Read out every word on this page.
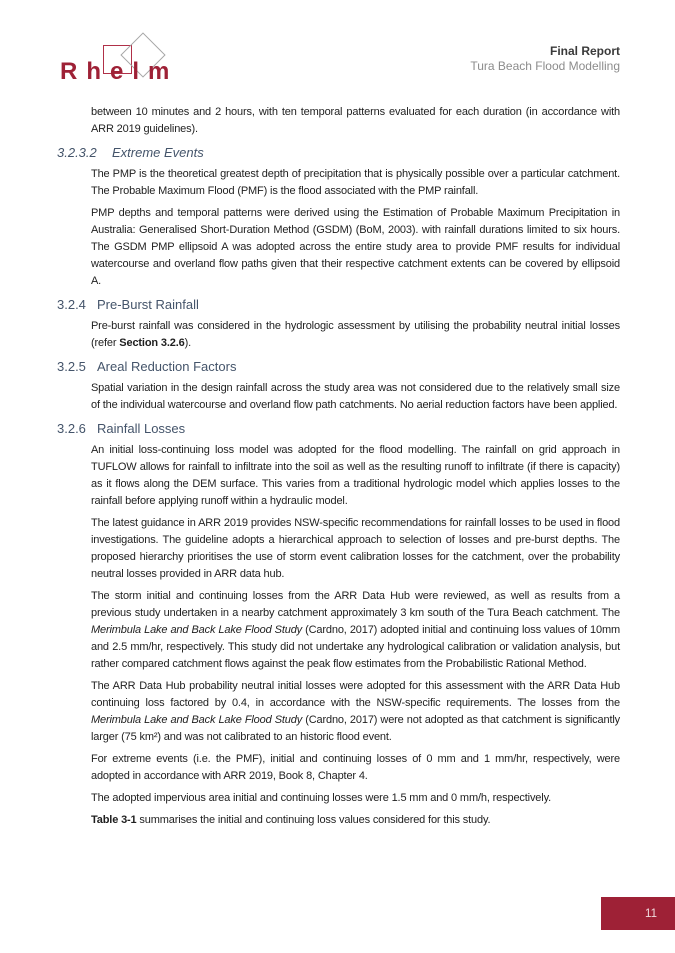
Rhelm
Final Report
Tura Beach Flood Modelling

between 10 minutes and 2 hours, with ten temporal patterns evaluated for each duration (in accordance with ARR 2019 guidelines).

3.2.3.2	Extreme Events

The PMP is the theoretical greatest depth of precipitation that is physically possible over a particular catchment. The Probable Maximum Flood (PMF) is the flood associated with the PMP rainfall.

PMP depths and temporal patterns were derived using the Estimation of Probable Maximum Precipitation in Australia: Generalised Short-Duration Method (GSDM) (BoM, 2003). with rainfall durations limited to six hours. The GSDM PMP ellipsoid A was adopted across the entire study area to provide PMF results for individual watercourse and overland flow paths given that their respective catchment extents can be covered by ellipsoid A.

3.2.4 Pre-Burst Rainfall

Pre-burst rainfall was considered in the hydrologic assessment by utilising the probability neutral initial losses (refer Section 3.2.6).

3.2.5 Areal Reduction Factors

Spatial variation in the design rainfall across the study area was not considered due to the relatively small size of the individual watercourse and overland flow path catchments. No aerial reduction factors have been applied.

3.2.6 Rainfall Losses

An initial loss-continuing loss model was adopted for the flood modelling. The rainfall on grid approach in TUFLOW allows for rainfall to infiltrate into the soil as well as the resulting runoff to infiltrate (if there is capacity) as it flows along the DEM surface. This varies from a traditional hydrologic model which applies losses to the rainfall before applying runoff within a hydraulic model.

The latest guidance in ARR 2019 provides NSW-specific recommendations for rainfall losses to be used in flood investigations. The guideline adopts a hierarchical approach to selection of losses and pre-burst depths. The proposed hierarchy prioritises the use of storm event calibration losses for the catchment, over the probability neutral losses provided in ARR data hub.

The storm initial and continuing losses from the ARR Data Hub were reviewed, as well as results from a previous study undertaken in a nearby catchment approximately 3 km south of the Tura Beach catchment. The Merimbula Lake and Back Lake Flood Study (Cardno, 2017) adopted initial and continuing loss values of 10mm and 2.5 mm/hr, respectively. This study did not undertake any hydrological calibration or validation analysis, but rather compared catchment flows against the peak flow estimates from the Probabilistic Rational Method.

The ARR Data Hub probability neutral initial losses were adopted for this assessment with the ARR Data Hub continuing loss factored by 0.4, in accordance with the NSW-specific requirements. The losses from the Merimbula Lake and Back Lake Flood Study (Cardno, 2017) were not adopted as that catchment is significantly larger (75 km²) and was not calibrated to an historic flood event.

For extreme events (i.e. the PMF), initial and continuing losses of 0 mm and 1 mm/hr, respectively, were adopted in accordance with ARR 2019, Book 8, Chapter 4.

The adopted impervious area initial and continuing losses were 1.5 mm and 0 mm/h, respectively.

Table 3-1 summarises the initial and continuing loss values considered for this study.

11
